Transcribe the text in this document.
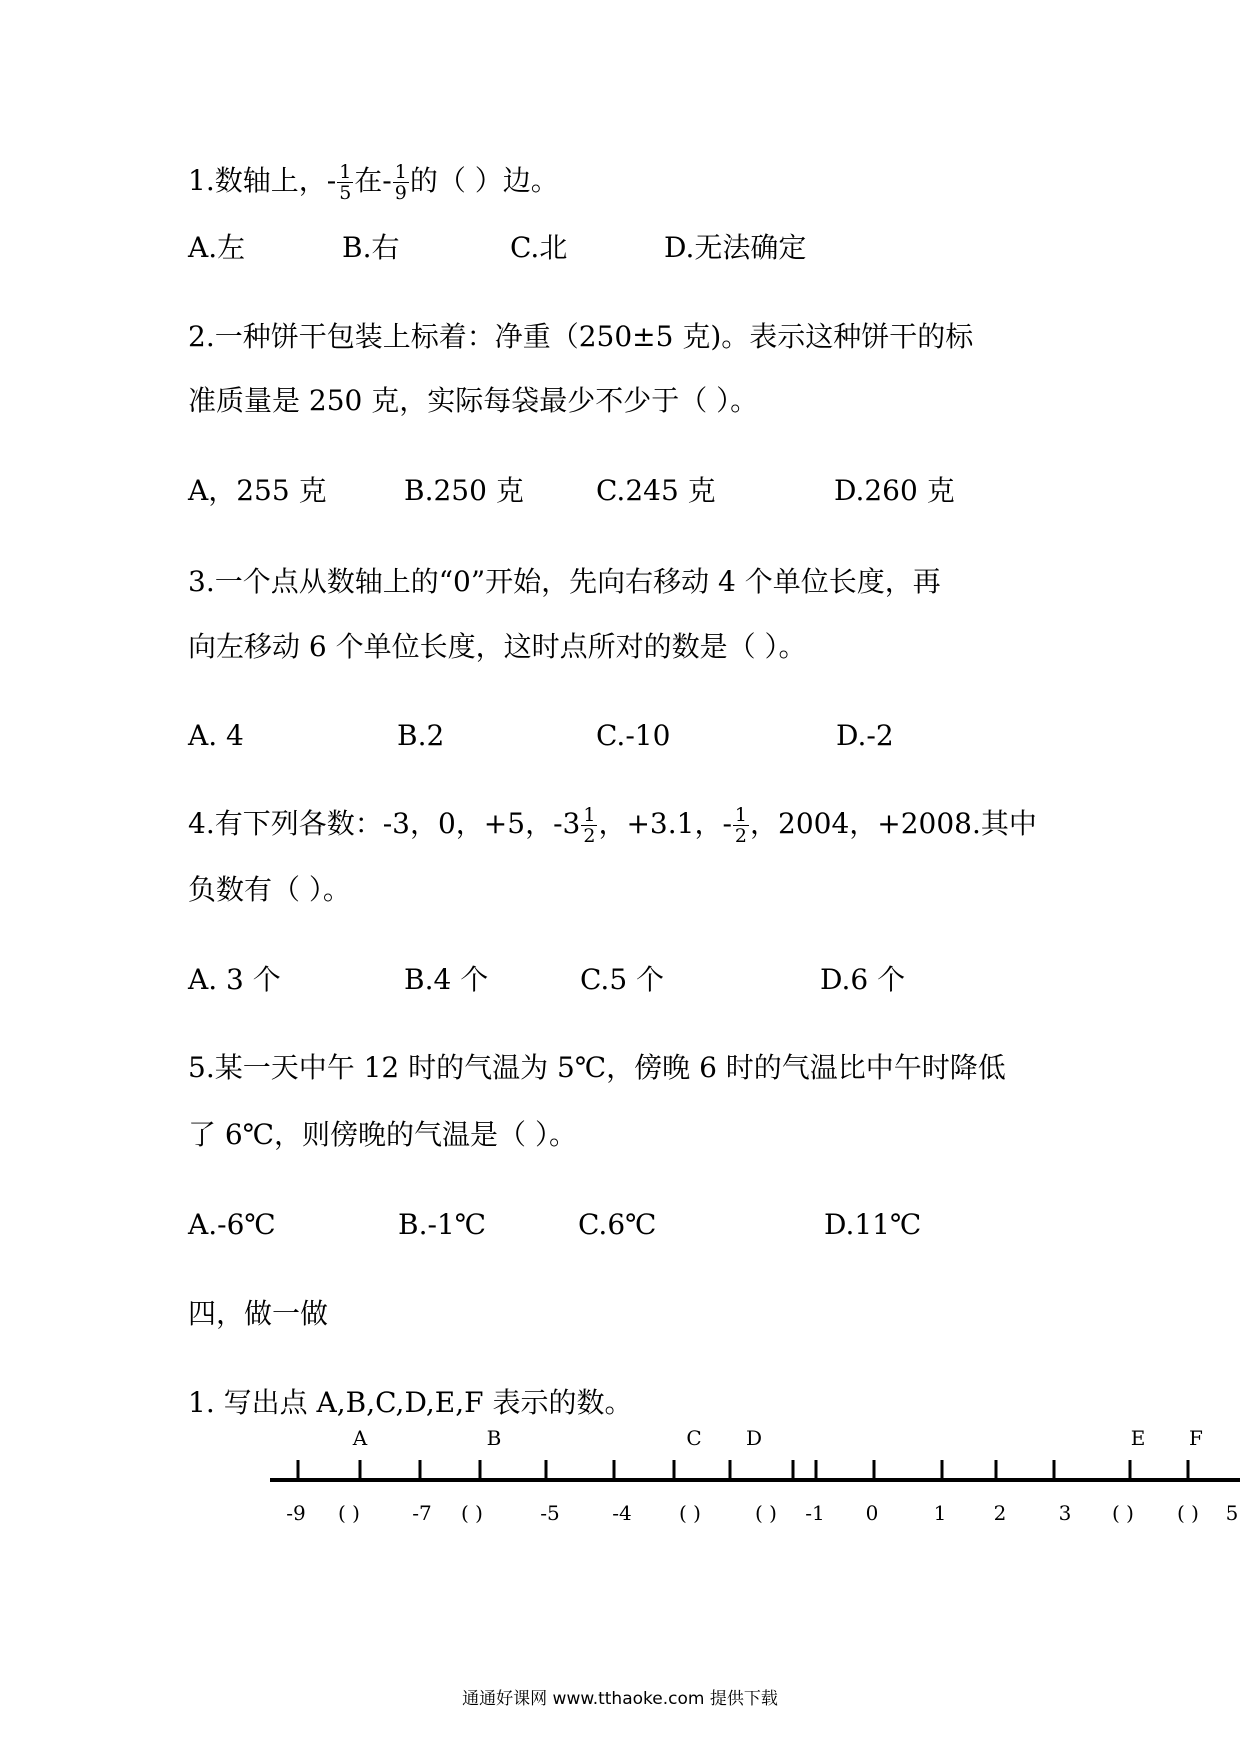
1.数轴上，- $\frac{1}{5}$ 在- $\frac{1}{9}$ 的（ ）边。
A.左	B.右	C.北	D.无法确定
2.一种饼干包装上标着：净重（250±5 克)。表示这种饼干的标
准质量是 250 克，实际每袋最少不少于（ ）。
A，255 克	B.250 克	C.245 克	D.260 克
3.一个点从数轴上的“0”开始，先向右移动 4 个单位长度，再
向左移动 6 个单位长度，这时点所对的数是（ ）。
A. 4	B.2	C.-10	D.-2
4.有下列各数：-3，0，+5，$-3 \frac{1}{2}$ ，+3.1，- $\frac{1}{2}$ ，2004，+2008.其中
负数有（ ）。
A. 3 个	B.4 个	C.5 个	D.6 个
5.某一天中午 12 时的气温为 5℃，傍晚 6 时的气温比中午时降低
了 6℃，则傍晚的气温是（ ）。
A.-6℃	B.-1℃	C.6℃	D.11℃
四，做一做
1. 写出点 A,B,C,D,E,F 表示的数。
A	B	C D	E F
-9 ( )	-7 ( )	-5	-4 ( )	( ) -1 0	1 2	3 ( ) ( ) 5
通通好课网 www.tthaoke.com 提供下载
